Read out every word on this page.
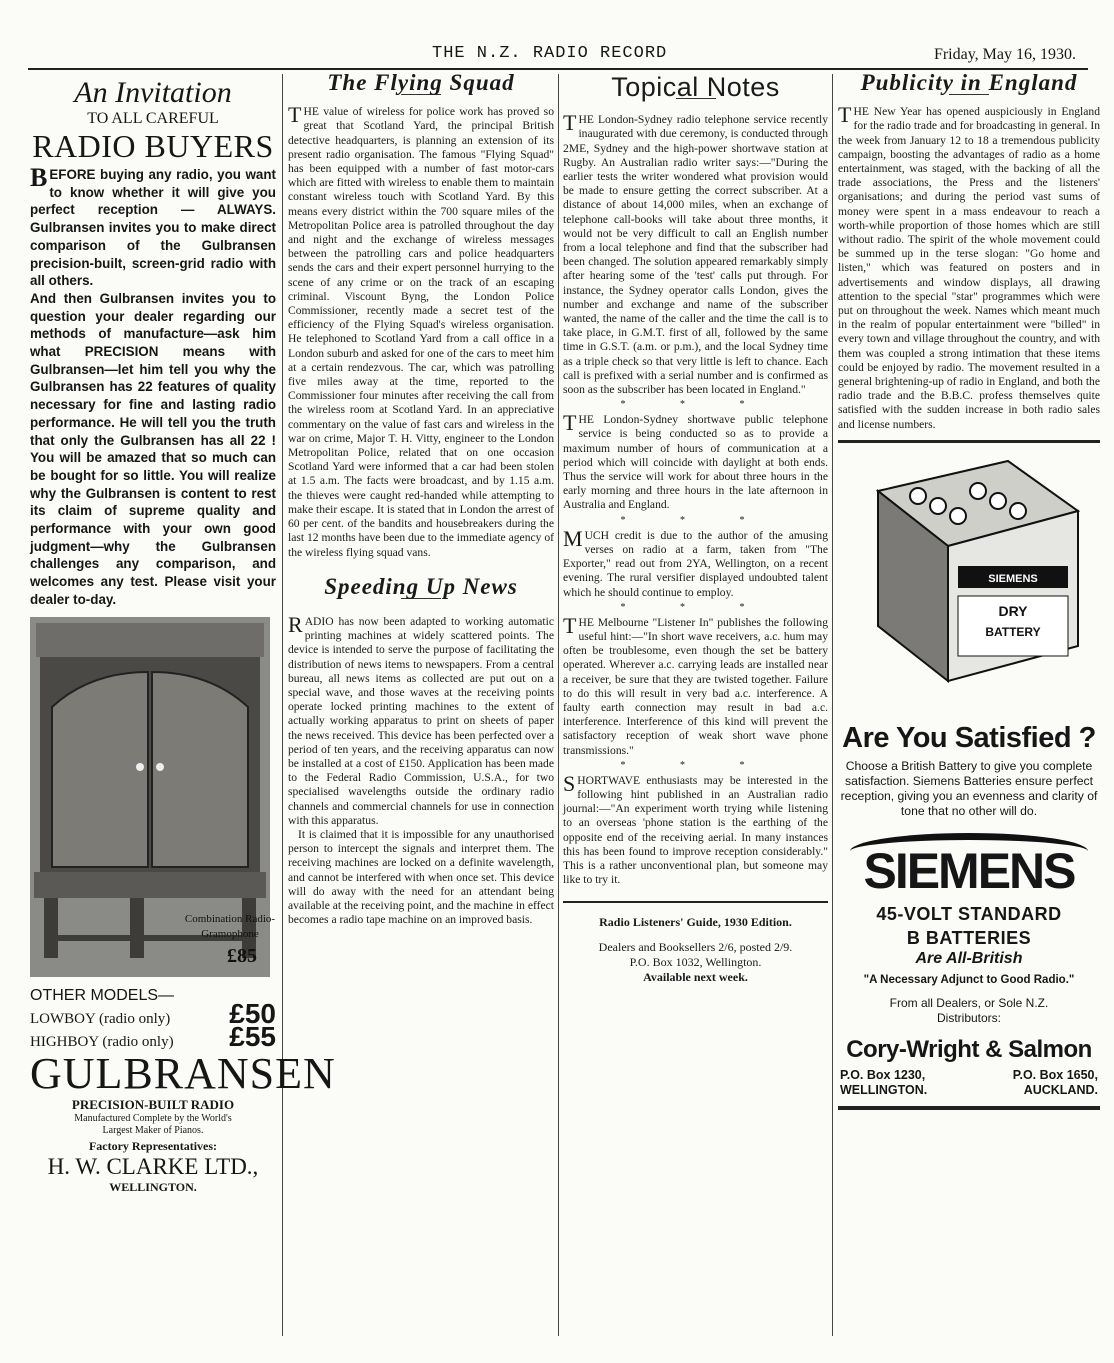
THE N.Z. RADIO RECORD	Friday, May 16, 1930.
An Invitation
TO ALL CAREFUL
RADIO BUYERS

BEFORE buying any radio, you want to know whether it will give you perfect reception — ALWAYS. Gulbransen invites you to make direct comparison of the Gulbransen precision-built, screen-grid radio with all others.

And then Gulbransen invites you to question your dealer regarding our methods of manufacture—ask him what PRECISION means with Gulbransen—let him tell you why the Gulbransen has 22 features of quality necessary for fine and lasting radio performance. He will tell you the truth that only the Gulbransen has all 22 ! You will be amazed that so much can be bought for so little. You will realize why the Gulbransen is content to rest its claim of supreme quality and performance with your own good judgment—why the Gulbransen challenges any comparison, and welcomes any test. Please visit your dealer to-day.

Combination Radio-
Gramophone
£85
OTHER MODELS—
LOWBOY (radio only) £50
HIGHBOY (radio only) £55
GULBRANSEN
PRECISION-BUILT RADIO
Manufactured Complete by the World's
Largest Maker of Pianos.
Factory Representatives:
H. W. CLARKE LTD.,
WELLINGTON.
The Flying Squad

THE value of wireless for police work has proved so great that Scotland Yard, the principal British detective headquarters, is planning an extension of its present radio organisation. The famous "Flying Squad" has been equipped with a number of fast motor-cars which are fitted with wireless to enable them to maintain constant wireless touch with Scotland Yard. By this means every district within the 700 square miles of the Metropolitan Police area is patrolled throughout the day and night and the exchange of wireless messages between the patrolling cars and police headquarters sends the cars and their expert personnel hurrying to the scene of any crime or on the track of an escaping criminal. Viscount Byng, the London Police Commissioner, recently made a secret test of the efficiency of the Flying Squad's wireless organisation. He telephoned to Scotland Yard from a call office in a London suburb and asked for one of the cars to meet him at a certain rendezvous. The car, which was patrolling five miles away at the time, reported to the Commissioner four minutes after receiving the call from the wireless room at Scotland Yard. In an appreciative commentary on the value of fast cars and wireless in the war on crime, Major T. H. Vitty, engineer to the London Metropolitan Police, related that on one occasion Scotland Yard were informed that a car had been stolen at 1.5 a.m. The facts were broadcast, and by 1.15 a.m. the thieves were caught red-handed while attempting to make their escape. It is stated that in London the arrest of 60 per cent. of the bandits and housebreakers during the last 12 months have been due to the immediate agency of the wireless flying squad vans.

Speeding Up News

RADIO has now been adapted to working automatic printing machines at widely scattered points. The device is intended to serve the purpose of facilitating the distribution of news items to newspapers. From a central bureau, all news items as collected are put out on a special wave, and those waves at the receiving points operate locked printing machines to the extent of actually working apparatus to print on sheets of paper the news received. This device has been perfected over a period of ten years, and the receiving apparatus can now be installed at a cost of £150. Application has been made to the Federal Radio Commission, U.S.A., for two specialised wavelengths outside the ordinary radio channels and commercial channels for use in connection with this apparatus.

It is claimed that it is impossible for any unauthorised person to intercept the signals and interpret them. The receiving machines are locked on a definite wavelength, and cannot be interfered with when once set. This device will do away with the need for an attendant being available at the receiving point, and the machine in effect becomes a radio tape machine on an improved basis.

Topical Notes

THE London-Sydney radio telephone service recently inaugurated with due ceremony, is conducted through 2ME, Sydney and the high-power shortwave station at Rugby. An Australian radio writer says:—"During the earlier tests the writer wondered what provision would be made to ensure getting the correct subscriber. At a distance of about 14,000 miles, when an exchange of telephone call-books will take about three months, it would not be very difficult to call an English number from a local telephone and find that the subscriber had been changed. The solution appeared remarkably simply after hearing some of the 'test' calls put through. For instance, the Sydney operator calls London, gives the number and exchange and name of the subscriber wanted, the name of the caller and the time the call is to take place, in G.M.T. first of all, followed by the same time in G.S.T. (a.m. or p.m.), and the local Sydney time as a triple check so that very little is left to chance. Each call is prefixed with a serial number and is confirmed as soon as the subscriber has been located in England."

* * *

THE London-Sydney shortwave public telephone service is being conducted so as to provide a maximum number of hours of communication at a period which will coincide with daylight at both ends. Thus the service will work for about three hours in the early morning and three hours in the late afternoon in Australia and England.

* * *

MUCH credit is due to the author of the amusing verses on radio at a farm, taken from "The Exporter," read out from 2YA, Wellington, on a recent evening. The rural versifier displayed undoubted talent which he should continue to employ.

* * *

THE Melbourne "Listener In" publishes the following useful hint:—"In short wave receivers, a.c. hum may often be troublesome, even though the set be battery operated. Wherever a.c. carrying leads are installed near a receiver, be sure that they are twisted together. Failure to do this will result in very bad a.c. interference. A faulty earth connection may result in bad a.c. interference. Interference of this kind will prevent the satisfactory reception of weak short wave phone transmissions."

* * *

SHORTWAVE enthusiasts may be interested in the following hint published in an Australian radio journal:—"An experiment worth trying while listening to an overseas 'phone station is the earthing of the opposite end of the receiving aerial. In many instances this has been found to improve reception considerably." This is a rather unconventional plan, but someone may like to try it.

Radio Listeners' Guide, 1930 Edition.
Dealers and Booksellers 2/6, posted 2/9.
P.O. Box 1032, Wellington.
Available next week.
Publicity in England

THE New Year has opened auspiciously in England for the radio trade and for broadcasting in general. In the week from January 12 to 18 a tremendous publicity campaign, boosting the advantages of radio as a home entertainment, was staged, with the backing of all the trade associations, the Press and the listeners' organisations; and during the period vast sums of money were spent in a mass endeavour to reach a worth-while proportion of those homes which are still without radio. The spirit of the whole movement could be summed up in the terse slogan: "Go home and listen," which was featured on posters and in advertisements and window displays, all drawing attention to the special "star" programmes which were put on throughout the week. Names which meant much in the realm of popular entertainment were "billed" in every town and village throughout the country, and with them was coupled a strong intimation that these items could be enjoyed by radio. The movement resulted in a general brightening-up of radio in England, and both the radio trade and the B.B.C. profess themselves quite satisfied with the sudden increase in both radio sales and license numbers.

SIEMENS
DRY
BATTERY
Are You Satisfied ?
Choose a British Battery to give you complete satisfaction. Siemens Batteries ensure perfect reception, giving you an evenness and clarity of tone that no other will do.
SIEMENS
45-VOLT STANDARD
B BATTERIES
Are All-British
"A Necessary Adjunct to Good Radio."
From all Dealers, or Sole N.Z.
Distributors:
Cory-Wright & Salmon
P.O. Box 1230,
WELLINGTON.
P.O. Box 1650,
AUCKLAND.
